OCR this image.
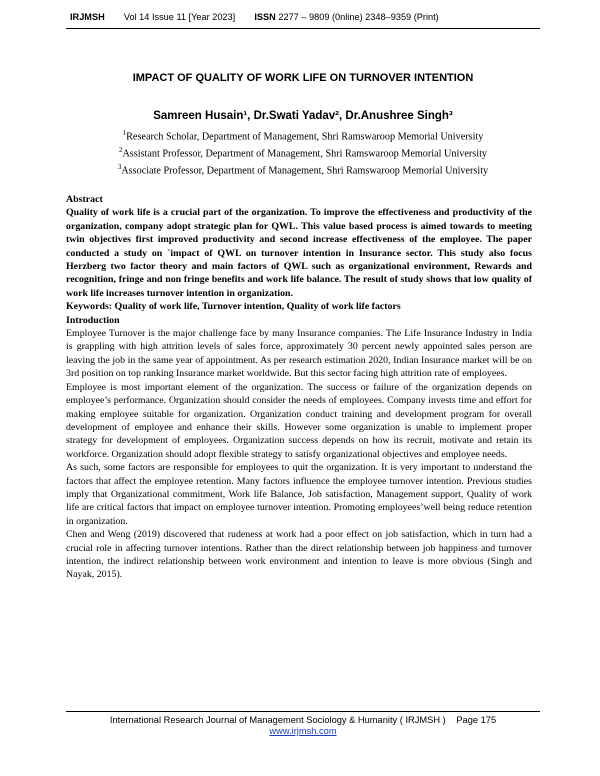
IRJMSH Vol 14 Issue 11 [Year 2023] ISSN 2277 – 9809 (0nline) 2348–9359 (Print)
IMPACT OF QUALITY OF WORK LIFE ON TURNOVER INTENTION
Samreen Husain¹, Dr.Swati Yadav², Dr.Anushree Singh³
$^1$Research Scholar, Department of Management, Shri Ramswaroop Memorial University
$^2$Assistant Professor, Department of Management, Shri Ramswaroop Memorial University
$^3$Associate Professor, Department of Management, Shri Ramswaroop Memorial University

Abstract

Quality of work life is a crucial part of the organization. To improve the effectiveness and productivity of the organization, company adopt strategic plan for QWL. This value based process is aimed towards to meeting twin objectives first improved productivity and second increase effectiveness of the employee. The paper conducted a study on `impact of QWL on turnover intention in Insurance sector. This study also focus Herzberg two factor theory and main factors of QWL such as organizational environment, Rewards and recognition, fringe and non fringe benefits and work life balance. The result of study shows that low quality of work life increases turnover intention in organization.

Keywords: Quality of work life, Turnover intention, Quality of work life factors

Introduction

Employee Turnover is the major challenge face by many Insurance companies. The Life Insurance Industry in India is grappling with high attrition levels of sales force, approximately 30 percent newly appointed sales person are leaving the job in the same year of appointment. As per research estimation 2020, Indian Insurance market will be on 3rd position on top ranking Insurance market worldwide. But this sector facing high attrition rate of employees.

Employee is most important element of the organization. The success or failure of the organization depends on employee’s performance. Organization should consider the needs of employees. Company invests time and effort for making employee suitable for organization. Organization conduct training and development program for overall development of employee and enhance their skills. However some organization is unable to implement proper strategy for development of employees. Organization success depends on how its recruit, motivate and retain its workforce. Organization should adopt flexible strategy to satisfy organizational objectives and employee needs.

As such, some factors are responsible for employees to quit the organization. It is very important to understand the factors that affect the employee retention. Many factors influence the employee turnover intention. Previous studies imply that Organizational commitment, Work life Balance, Job satisfaction, Management support, Quality of work life are critical factors that impact on employee turnover intention. Promoting employees’well being reduce retention in organization.

Chen and Weng (2019) discovered that rudeness at work had a poor effect on job satisfaction, which in turn had a crucial role in affecting turnover intentions. Rather than the direct relationship between job happiness and turnover intention, the indirect relationship between work environment and intention to leave is more obvious (Singh and Nayak, 2015).

International Research Journal of Management Sociology & Humanity ( IRJMSH ) Page 175
www.irjmsh.com
